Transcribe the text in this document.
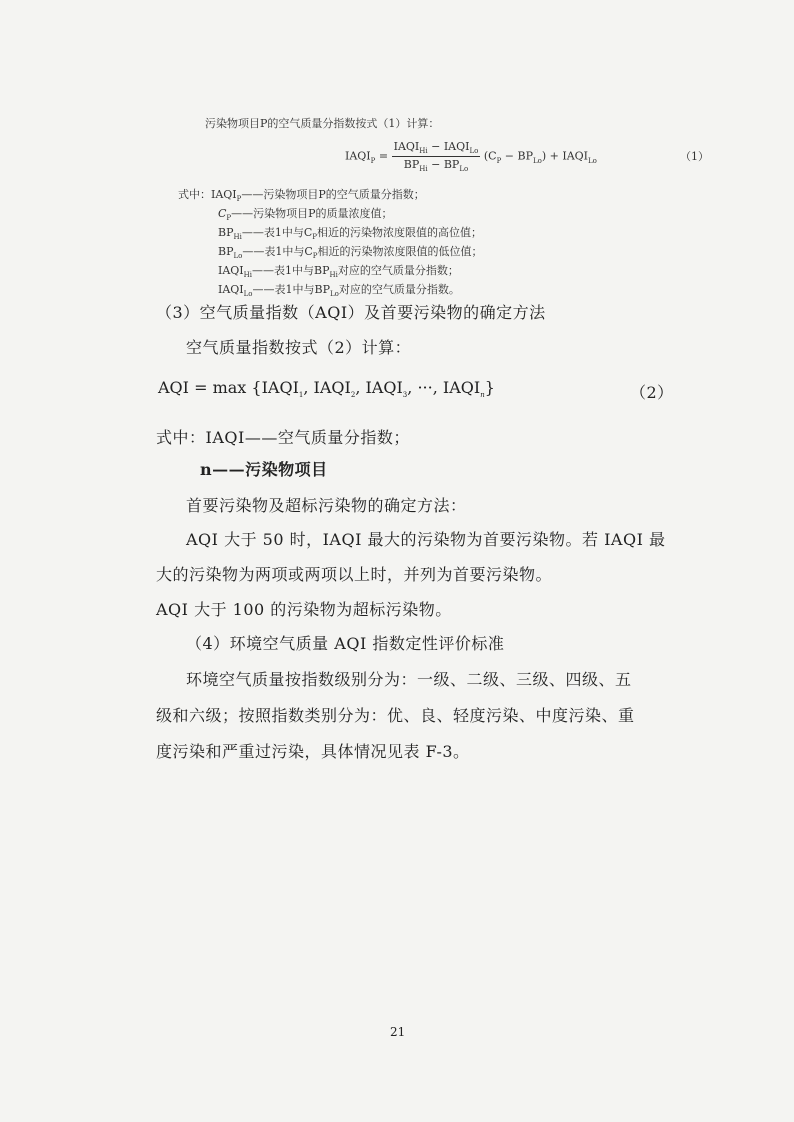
污染物项目P的空气质量分指数按式（1）计算：
$IAQI_P = \frac{IAQI_{Hi} - IAQI_{Lo}}{BP_{Hi} - BP_{Lo}} (C_P - BP_{Lo})$ + $IAQI_{Lo}$	（1）
式中：$IAQI_P——$污染物项目P的空气质量分指数；
$C_P——$污染物项目P的质量浓度值；
$BP_{Hi}——$表1中与$C_P$相近的污染物浓度限值的高位值；
$BP_{Lo}——$表1中与$C_P$相近的污染物浓度限值的低位值；
$IAQI_{Hi}——$表1中与$BP_{Hi}$对应的空气质量分指数；
$IAQI_{Lo}——$表1中与$BP_{Lo}$对应的空气质量分指数。
（3）空气质量指数（AQI）及首要污染物的确定方法
空气质量指数按式（2）计算：
AQI = $\max \{IAQI_1$, $IAQI_2$, $IAQI_3$, ···, $IAQI_n$}	（2）
式中：IAQI——空气质量分指数；
n——污染物项目
首要污染物及超标污染物的确定方法：
AQI 大于 50 时，IAQI 最大的污染物为首要污染物。若 IAQI 最
大的污染物为两项或两项以上时，并列为首要污染物。
AQI 大于 100 的污染物为超标污染物。
（4）环境空气质量 AQI 指数定性评价标准
环境空气质量按指数级别分为：一级、二级、三级、四级、五
级和六级；按照指数类别分为：优、良、轻度污染、中度污染、重
度污染和严重过污染，具体情况见表 F-3。
21
